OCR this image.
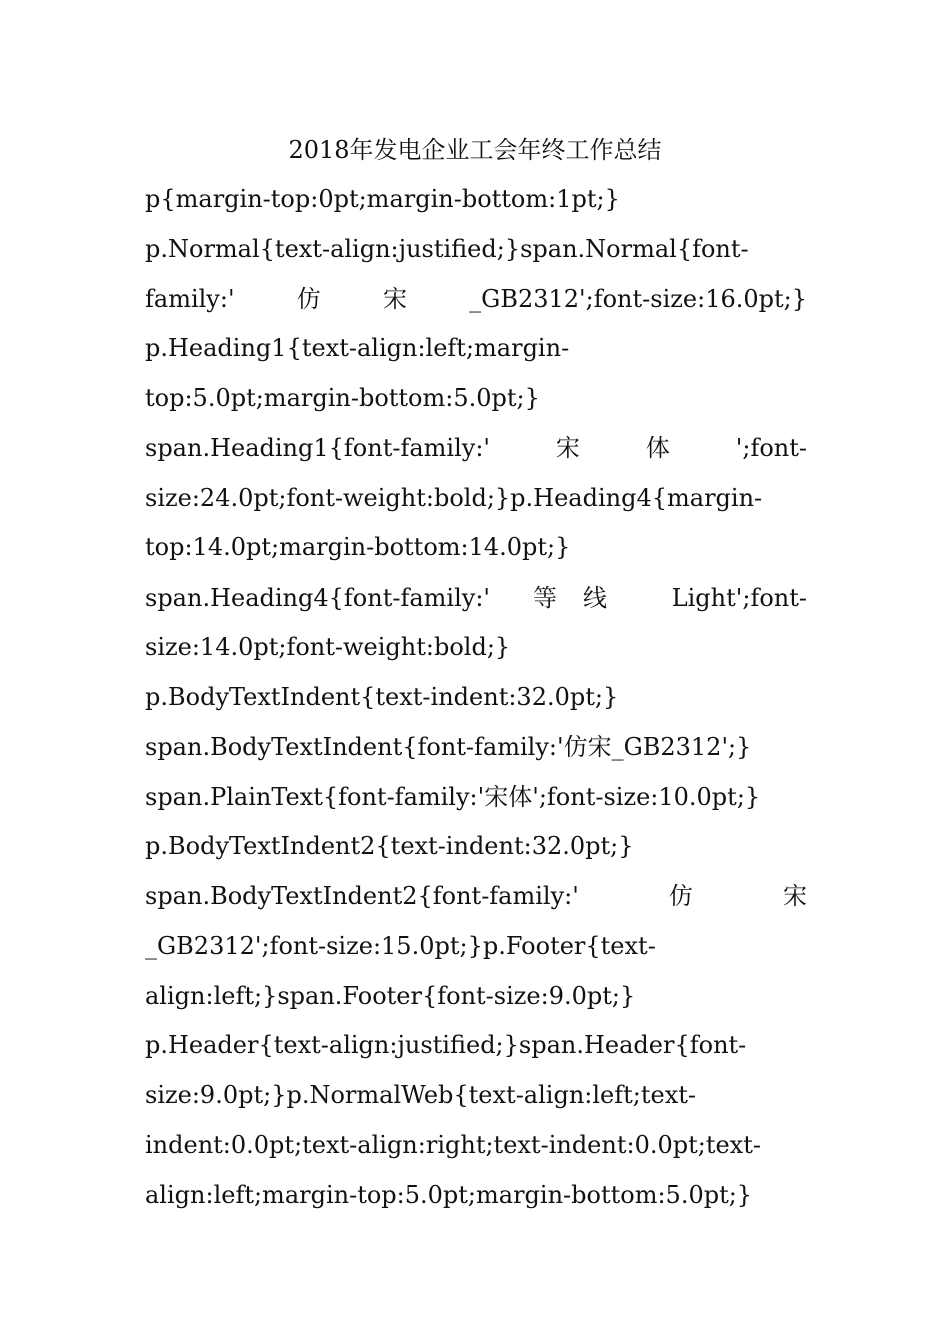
2018年发电企业工会年终工作总结

p{margin-top:0pt;margin-bottom:1pt;}

p.Normal{text-align:justified;}span.Normal{font-

family:'	仿	宋	_GB2312';font-size:16.0pt;}

p.Heading1{text-align:left;margin-

top:5.0pt;margin-bottom:5.0pt;}

span.Heading1{font-family:'	宋	体	';font-

size:24.0pt;font-weight:bold;}p.Heading4{margin-

top:14.0pt;margin-bottom:14.0pt;}

span.Heading4{font-family:' 等 线	Light';font-

size:14.0pt;font-weight:bold;}

p.BodyTextIndent{text-indent:32.0pt;}

span.BodyTextIndent{font-family:'仿宋_GB2312';}

span.PlainText{font-family:'宋体';font-size:10.0pt;}

p.BodyTextIndent2{text-indent:32.0pt;}

span.BodyTextIndent2{font-family:'	仿	宋

_GB2312';font-size:15.0pt;}p.Footer{text-

align:left;}span.Footer{font-size:9.0pt;}

p.Header{text-align:justified;}span.Header{font-

size:9.0pt;}p.NormalWeb{text-align:left;text-

indent:0.0pt;text-align:right;text-indent:0.0pt;text-

align:left;margin-top:5.0pt;margin-bottom:5.0pt;}
